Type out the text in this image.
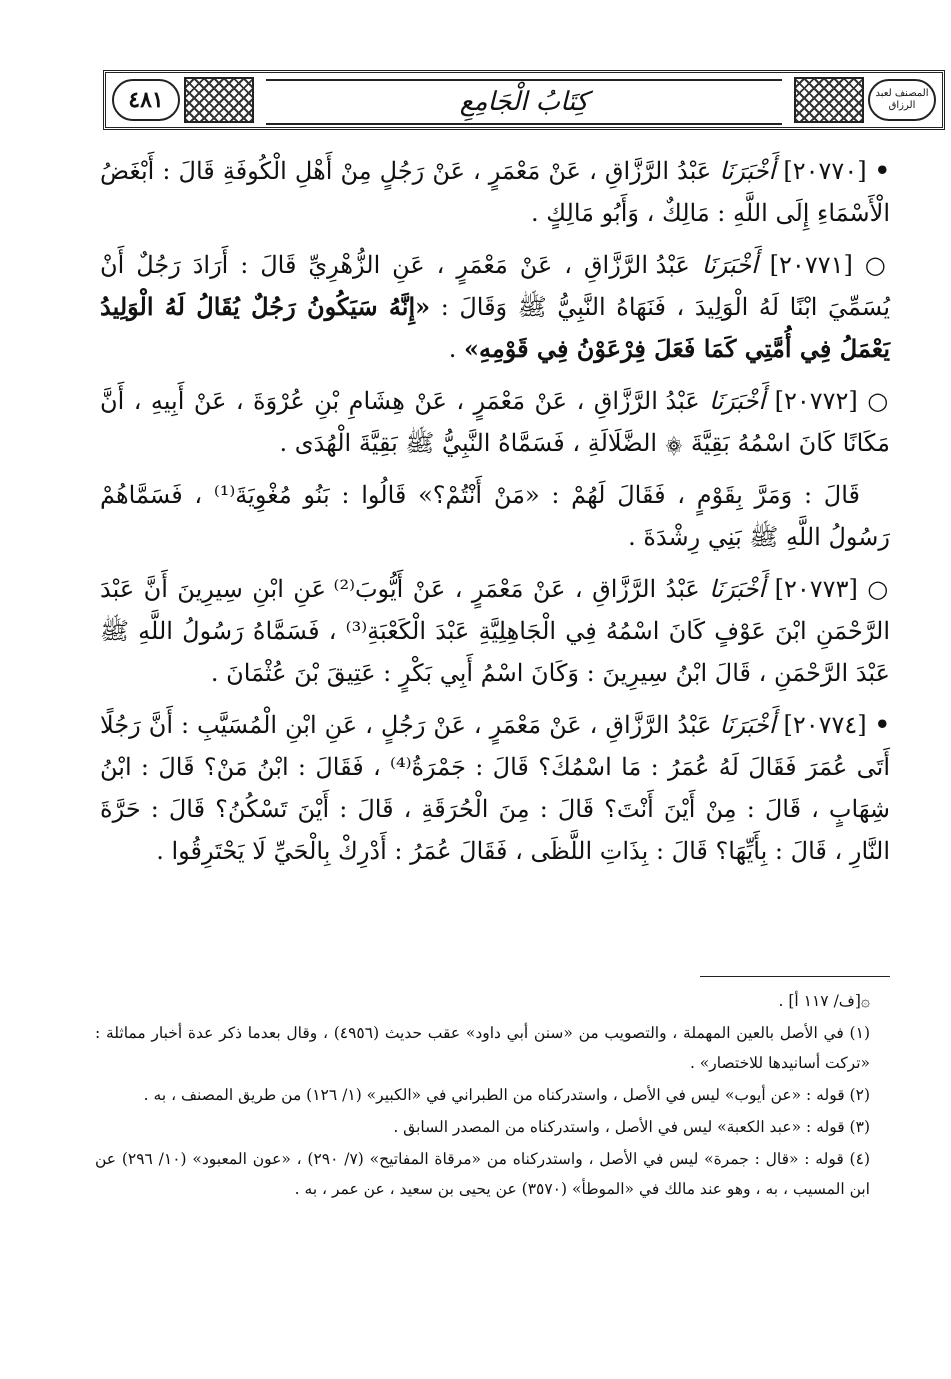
٤٨١	كِتَابُ الْجَامِعِ	المصنف لعبد الرزاق

• [٢٠٧٧٠] أَخْبَرَنَا عَبْدُ الرَّزَّاقِ ، عَنْ مَعْمَرٍ ، عَنْ رَجُلٍ مِنْ أَهْلِ الْكُوفَةِ قَالَ : أَبْغَضُ الْأَسْمَاءِ إِلَى اللَّهِ : مَالِكٌ ، وَأَبُو مَالِكٍ .

○ [٢٠٧٧١] أَخْبَرَنَا عَبْدُ الرَّزَّاقِ ، عَنْ مَعْمَرٍ ، عَنِ الزُّهْرِيِّ قَالَ : أَرَادَ رَجُلٌ أَنْ يُسَمِّيَ ابْنًا لَهُ الْوَلِيدَ ، فَنَهَاهُ النَّبِيُّ ﷺ وَقَالَ : «إِنَّهُ سَيَكُونُ رَجُلٌ يُقَالُ لَهُ الْوَلِيدُ يَعْمَلُ فِي أُمَّتِي كَمَا فَعَلَ فِرْعَوْنُ فِي قَوْمِهِ» .

○ [٢٠٧٧٢] أَخْبَرَنَا عَبْدُ الرَّزَّاقِ ، عَنْ مَعْمَرٍ ، عَنْ هِشَامِ بْنِ عُرْوَةَ ، عَنْ أَبِيهِ ، أَنَّ مَكَانًا كَانَ اسْمُهُ بَقِيَّةَ ۞ الضَّلَالَةِ ، فَسَمَّاهُ النَّبِيُّ ﷺ بَقِيَّةَ الْهُدَى .

قَالَ : وَمَرَّ بِقَوْمٍ ، فَقَالَ لَهُمْ : «مَنْ أَنْتُمْ؟» قَالُوا : بَنُو مُغْوِيَةَ⁽¹⁾ ، فَسَمَّاهُمْ رَسُولُ اللَّهِ ﷺ بَنِي رِشْدَةَ .

○ [٢٠٧٧٣] أَخْبَرَنَا عَبْدُ الرَّزَّاقِ ، عَنْ مَعْمَرٍ ، عَنْ أَيُّوبَ⁽²⁾ عَنِ ابْنِ سِيرِينَ أَنَّ عَبْدَ الرَّحْمَنِ ابْنَ عَوْفٍ كَانَ اسْمُهُ فِي الْجَاهِلِيَّةِ عَبْدَ الْكَعْبَةِ⁽³⁾ ، فَسَمَّاهُ رَسُولُ اللَّهِ ﷺ عَبْدَ الرَّحْمَنِ ، قَالَ ابْنُ سِيرِينَ : وَكَانَ اسْمُ أَبِي بَكْرٍ : عَتِيقَ بْنَ عُثْمَانَ .

• [٢٠٧٧٤] أَخْبَرَنَا عَبْدُ الرَّزَّاقِ ، عَنْ مَعْمَرٍ ، عَنْ رَجُلٍ ، عَنِ ابْنِ الْمُسَيَّبِ : أَنَّ رَجُلًا أَتَى عُمَرَ فَقَالَ لَهُ عُمَرُ : مَا اسْمُكَ؟ قَالَ : جَمْرَةُ⁽⁴⁾ ، فَقَالَ : ابْنُ مَنْ؟ قَالَ : ابْنُ شِهَابٍ ، قَالَ : مِنْ أَيْنَ أَنْتَ؟ قَالَ : مِنَ الْحُرَقَةِ ، قَالَ : أَيْنَ تَسْكُنُ؟ قَالَ : حَرَّةَ النَّارِ ، قَالَ : بِأَيِّهَا؟ قَالَ : بِذَاتِ اللَّظَى ، فَقَالَ عُمَرُ : أَدْرِكْ بِالْحَيِّ لَا يَحْتَرِقُوا .

۞[ف/ ١١٧ أ] .

(١) في الأصل بالعين المهملة ، والتصويب من «سنن أبي داود» عقب حديث (٤٩٥٦) ، وقال بعدما ذكر عدة أخبار مماثلة : «تركت أسانيدها للاختصار» .

(٢) قوله : «عن أيوب» ليس في الأصل ، واستدركناه من الطبراني في «الكبير» (١/ ١٢٦) من طريق المصنف ، به .

(٣) قوله : «عبد الكعبة» ليس في الأصل ، واستدركناه من المصدر السابق .

(٤) قوله : «قال : جمرة» ليس في الأصل ، واستدركناه من «مرقاة المفاتيح» (٧/ ٢٩٠) ، «عون المعبود» (١٠/ ٢٩٦) عن ابن المسيب ، به ، وهو عند مالك في «الموطأ» (٣٥٧٠) عن يحيى بن سعيد ، عن عمر ، به .
